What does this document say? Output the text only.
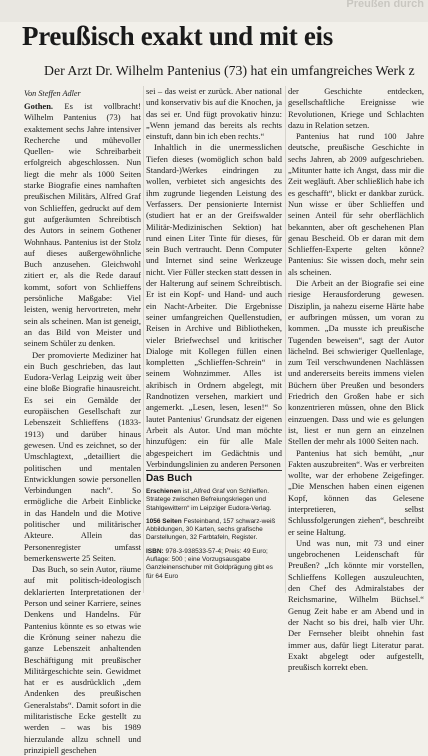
Preußen durch
Preußisch exakt und mit eis
Der Arzt Dr. Wilhelm Pantenius (73) hat ein umfangreiches Werk z
Von Steffen Adler

Gothen. Es ist vollbracht! Wilhelm Pantenius (73) hat exaktement sechs Jahre intensiver Recherche und mühevoller Quellen- wie Schreibarbeit erfolgreich abgeschlossen. Nun liegt die mehr als 1000 Seiten starke Biografie eines namhaften preußischen Militärs, Alfred Graf von Schlieffen, gedruckt auf dem gut aufgeräumten Schreibtisch des Autors in seinem Gothener Wohnhaus. Pantenius ist der Stolz auf dieses außergewöhnliche Buch anzusehen. Gleichwohl zitiert er, als die Rede darauf kommt, sofort von Schlieffens persönliche Maßgabe: Viel leisten, wenig hervortreten, mehr sein als scheinen. Man ist geneigt, an das Bild von Meister und seinem Schüler zu denken.

Der promovierte Mediziner hat ein Buch geschrieben, das laut Eudora-Verlag Leipzig weit über eine bloße Biografie hinausreicht. Es sei ein Gemälde der europäischen Gesellschaft zur Lebenszeit Schlieffens (1833-1913) und darüber hinaus gewesen. Und es zeichnet, so der Umschlagtext, „detailliert die politischen und mentalen Entwicklungen sowie personellen Verbindungen nach“. So ermögliche die Arbeit Einblicke in das Handeln und die Motive politischer und militärischer Akteure. Allein das Personenregister umfasst bemerkenswerte 25 Seiten.

Das Buch, so sein Autor, räume auf mit politisch-ideologisch deklarierten Interpretationen der Person und seiner Karriere, seines Denkens und Handelns. Für Pantenius könnte es so etwas wie die Krönung seiner nahezu die ganze Lebenszeit anhaltenden Beschäftigung mit preußischer Militärgeschichte sein. Gewidmet hat er es ausdrücklich „dem Andenken des preußischen Generalstabs“. Damit sofort in die militaristische Ecke gestellt zu werden – was bis 1989 hierzulande allzu schnell und prinzipiell geschehen

sei – das weist er zurück. Aber national und konservativ bis auf die Knochen, ja das sei er. Und fügt provokativ hinzu: „Wenn jemand das bereits als rechts einstuft, dann bin ich eben rechts.“

Inhaltlich in die unermesslichen Tiefen dieses (womöglich schon bald Standard-)Werkes eindringen zu wollen, verbietet sich angesichts des ihm zugrunde liegenden Leistung des Verfassers. Der pensionierte Internist (studiert hat er an der Greifswalder Militär-Medizinischen Sektion) hat rund einen Liter Tinte für dieses, für sein Buch vertraucht. Denn Computer und Internet sind seine Werkzeuge nicht. Vier Füller stecken statt dessen in der Halterung auf seinem Schreibtisch. Er ist ein Kopf- und Hand- und auch ein Nacht-Arbeiter. Die Ergebnisse seiner umfangreichen Quellenstudien, Reisen in Archive und Bibliotheken, vieler Briefwechsel und kritischer Dialoge mit Kollegen füllen einen kompletten „Schlieffen-Schrein“ in seinem Wohnzimmer. Alles ist akribisch in Ordnern abgelegt, mit Randnotizen versehen, markiert und angemerkt. „Lesen, lesen, lesen!“ So lautet Pantenius' Grundsatz der eigenen Arbeit als Autor. Und man möchte hinzufügen: ein für alle Male abgespeichert im Gedächtnis und Verbindungslinien zu anderen Personen

Das Buch

Erschienen ist „Alfred Graf von Schlieffen. Stratege zwischen Befreiungskriegen und Stahlgewittern“ im Leipziger Eudora-Verlag.

1056 Seiten Festeinband, 157 schwarz-weiß Abbildungen, 30 Karten, sechs grafische Darstellungen, 32 Farbtafeln, Register.

ISBN: 978-3-938533-57-4; Preis: 49 Euro; Auflage: 500 ; eine Vorzugsausgabe Ganzleinenschuber mit Goldprägung gibt es für 64 Euro

der Geschichte entdecken, gesellschaftliche Ereignisse wie Revolutionen, Kriege und Schlachten dazu in Relation setzen.

Pantenius hat rund 100 Jahre deutsche, preußische Geschichte in sechs Jahren, ab 2009 aufgeschrieben. „Mitunter hatte ich Angst, dass mir die Zeit wegläuft. Aber schließlich habe ich es geschafft“, blickt er dankbar zurück. Nun wisse er über Schlieffen und seinen Anteil für sehr oberflächlich bekannten, aber oft geschehenen Plan genau Bescheid. Ob er daran mit dem Schlieffen-Experte gelten könne? Pantenius: Sie wissen doch, mehr sein als scheinen.

Die Arbeit an der Biografie sei eine riesige Herausforderung gewesen. Disziplin, ja nahezu eiserne Härte habe er aufbringen müssen, um voran zu kommen. „Da musste ich preußische Tugenden beweisen“, sagt der Autor lächelnd. Bei schwieriger Quellenlage, zum Teil verschwundenen Nachlässen und andererseits bereits immens vielen Büchern über Preußen und besonders Friedrich den Großen habe er sich konzentrieren müssen, ohne den Blick einzuengen. Dass und wie es gelungen ist, liest er nun gern an einzelnen Stellen der mehr als 1000 Seiten nach.

Pantenius hat sich bemüht, „nur Fakten auszubreiten“. Was er verbreiten wollte, war der erhobene Zeigefinger. „Die Menschen haben einen eigenen Kopf, können das Gelesene interpretieren, selbst Schlussfolgerungen ziehen“, beschreibt er seine Haltung.

Und was nun, mit 73 und einer ungebrochenen Leidenschaft für Preußen? „Ich könnte mir vorstellen, Schlieffens Kollegen auszuleuchten, den Chef des Admiralstabes der Reichsmarine, Wilhelm Büchsel.“ Genug Zeit habe er am Abend und in der Nacht so bis drei, halb vier Uhr. Der Fernseher bleibt ohnehin fast immer aus, dafür liegt Literatur parat. Exakt abgelegt oder aufgestellt, preußisch korrekt eben.
